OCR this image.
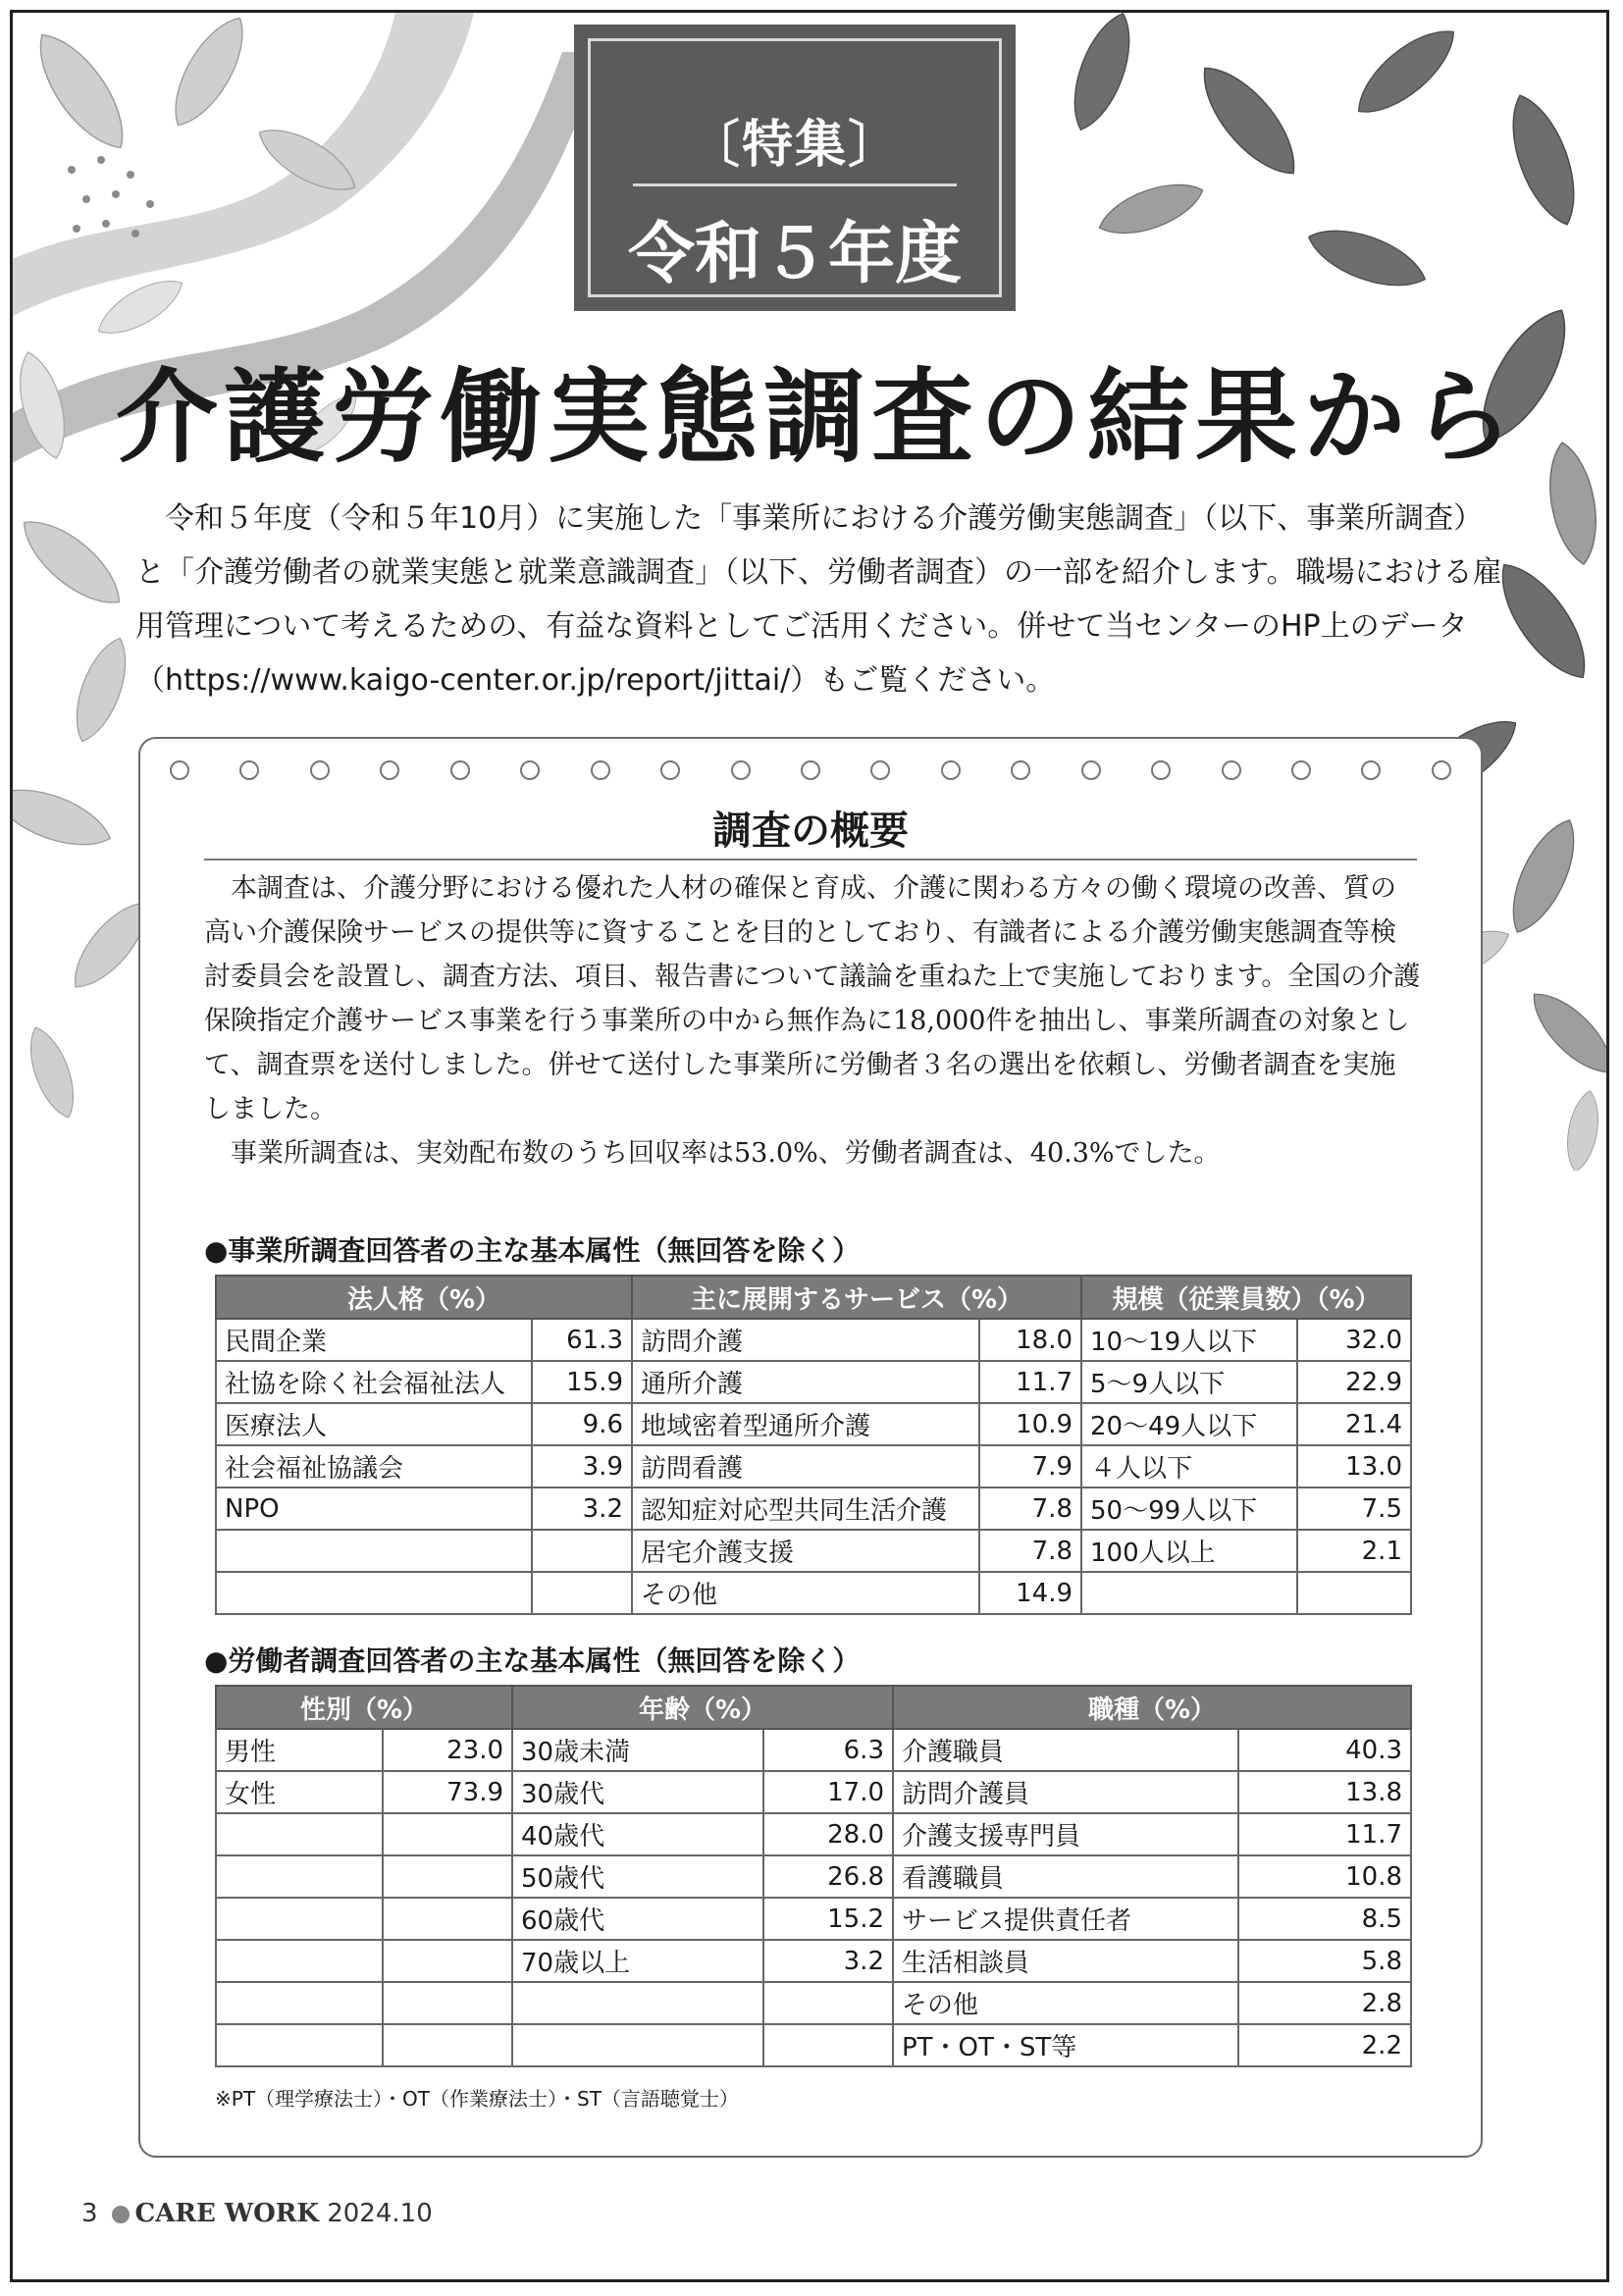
〔特集〕
令和５年度
介護労働実態調査の結果から

令和５年度（令和５年10月）に実施した「事業所における介護労働実態調査」（以下、事業所調査）と「介護労働者の就業実態と就業意識調査」（以下、労働者調査）の一部を紹介します。職場における雇用管理について考えるための、有益な資料としてご活用ください。併せて当センターのHP上のデータ（https://www.kaigo-center.or.jp/report/jittai/）もご覧ください。

調査の概要

本調査は、介護分野における優れた人材の確保と育成、介護に関わる方々の働く環境の改善、質の高い介護保険サービスの提供等に資することを目的としており、有識者による介護労働実態調査等検討委員会を設置し、調査方法、項目、報告書について議論を重ねた上で実施しております。全国の介護保険指定介護サービス事業を行う事業所の中から無作為に18,000件を抽出し、事業所調査の対象として、調査票を送付しました。併せて送付した事業所に労働者３名の選出を依頼し、労働者調査を実施しました。

事業所調査は、実効配布数のうち回収率は53.0%、労働者調査は、40.3%でした。

●事業所調査回答者の主な基本属性（無回答を除く）
法人格（%）		主に展開するサービス（%）		規模（従業員数）（%）	
民間企業	61.3	訪問介護	18.0	10〜19人以下	32.0
社協を除く社会福祉法人	15.9	通所介護	11.7	5〜9人以下	22.9
医療法人	9.6	地域密着型通所介護	10.9	20〜49人以下	21.4
社会福祉協議会	3.9	訪問看護	7.9	４人以下	13.0
NPO	3.2	認知症対応型共同生活介護	7.8	50〜99人以下	7.5
		居宅介護支援	7.8	100人以上	2.1
		その他	14.9		
●労働者調査回答者の主な基本属性（無回答を除く）
性別（%）		年齢（%）		職種（%）	
男性	23.0	30歳未満	6.3	介護職員	40.3
女性	73.9	30歳代	17.0	訪問介護員	13.8
		40歳代	28.0	介護支援専門員	11.7
		50歳代	26.8	看護職員	10.8
		60歳代	15.2	サービス提供責任者	8.5
		70歳以上	3.2	生活相談員	5.8
				その他	2.8
				PT・OT・ST等	2.2
※PT（理学療法士）・OT（作業療法士）・ST（言語聴覚士）
3 CARE WORK 2024.10
